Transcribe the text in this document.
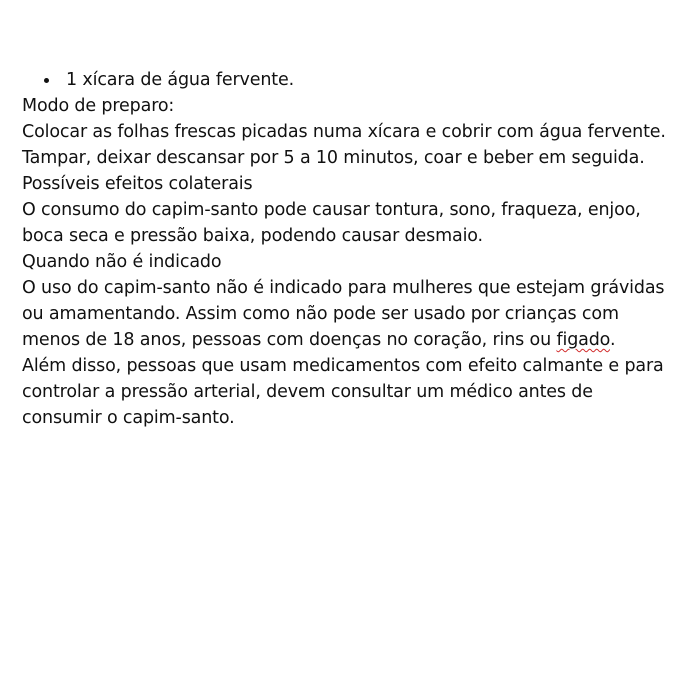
1 xícara de água fervente.

Modo de preparo:

Colocar as folhas frescas picadas numa xícara e cobrir com água fervente. Tampar, deixar descansar por 5 a 10 minutos, coar e beber em seguida.

Possíveis efeitos colaterais

O consumo do capim-santo pode causar tontura, sono, fraqueza, enjoo, boca seca e pressão baixa, podendo causar desmaio.

Quando não é indicado

O uso do capim-santo não é indicado para mulheres que estejam grávidas ou amamentando. Assim como não pode ser usado por crianças com menos de 18 anos, pessoas com doenças no coração, rins ou figado.

Além disso, pessoas que usam medicamentos com efeito calmante e para controlar a pressão arterial, devem consultar um médico antes de consumir o capim-santo.
